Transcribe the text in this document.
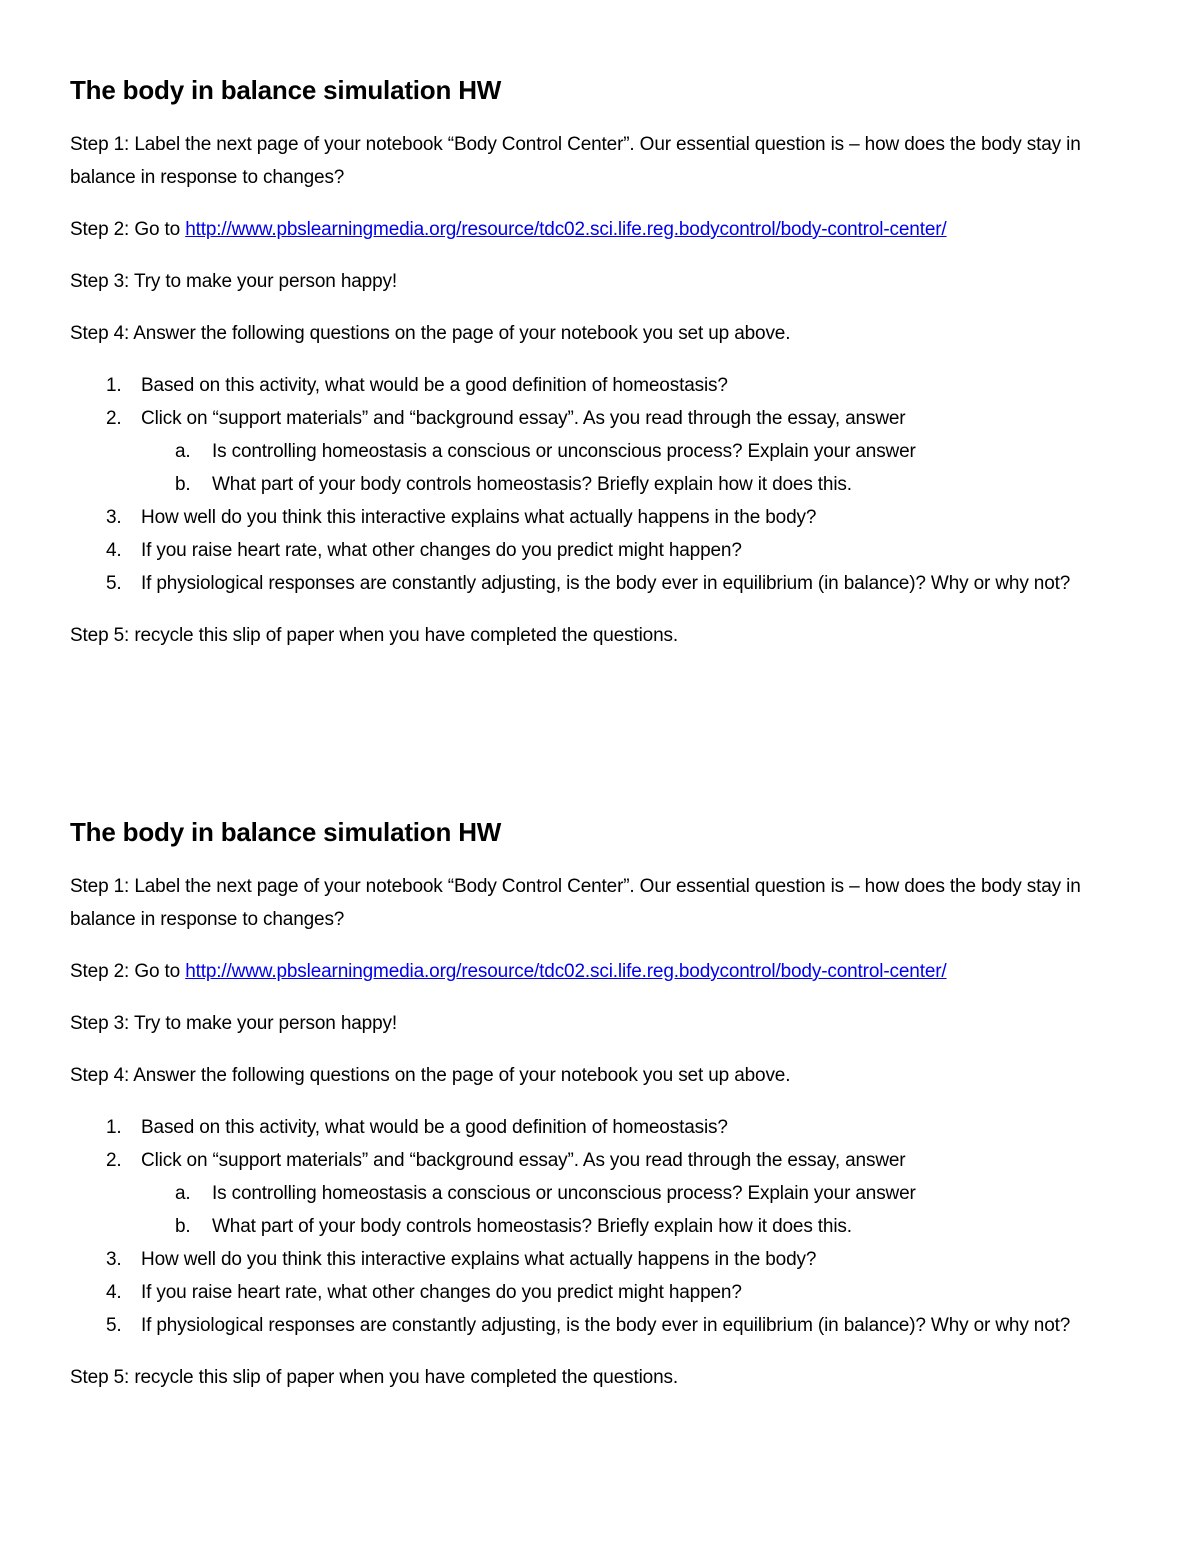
The body in balance simulation HW

Step 1: Label the next page of your notebook “Body Control Center”. Our essential question is – how does the body stay in balance in response to changes?

Step 2: Go to http://www.pbslearningmedia.org/resource/tdc02.sci.life.reg.bodycontrol/body-control-center/

Step 3: Try to make your person happy!

Step 4: Answer the following questions on the page of your notebook you set up above.

1. Based on this activity, what would be a good definition of homeostasis?
2. Click on “support materials” and “background essay”. As you read through the essay, answer
a. Is controlling homeostasis a conscious or unconscious process? Explain your answer
b. What part of your body controls homeostasis? Briefly explain how it does this.
3. How well do you think this interactive explains what actually happens in the body?
4. If you raise heart rate, what other changes do you predict might happen?
5. If physiological responses are constantly adjusting, is the body ever in equilibrium (in balance)? Why or why not?

Step 5: recycle this slip of paper when you have completed the questions.

The body in balance simulation HW

Step 1: Label the next page of your notebook “Body Control Center”. Our essential question is – how does the body stay in balance in response to changes?

Step 2: Go to http://www.pbslearningmedia.org/resource/tdc02.sci.life.reg.bodycontrol/body-control-center/

Step 3: Try to make your person happy!

Step 4: Answer the following questions on the page of your notebook you set up above.

1. Based on this activity, what would be a good definition of homeostasis?
2. Click on “support materials” and “background essay”. As you read through the essay, answer
a. Is controlling homeostasis a conscious or unconscious process? Explain your answer
b. What part of your body controls homeostasis? Briefly explain how it does this.
3. How well do you think this interactive explains what actually happens in the body?
4. If you raise heart rate, what other changes do you predict might happen?
5. If physiological responses are constantly adjusting, is the body ever in equilibrium (in balance)? Why or why not?

Step 5: recycle this slip of paper when you have completed the questions.
